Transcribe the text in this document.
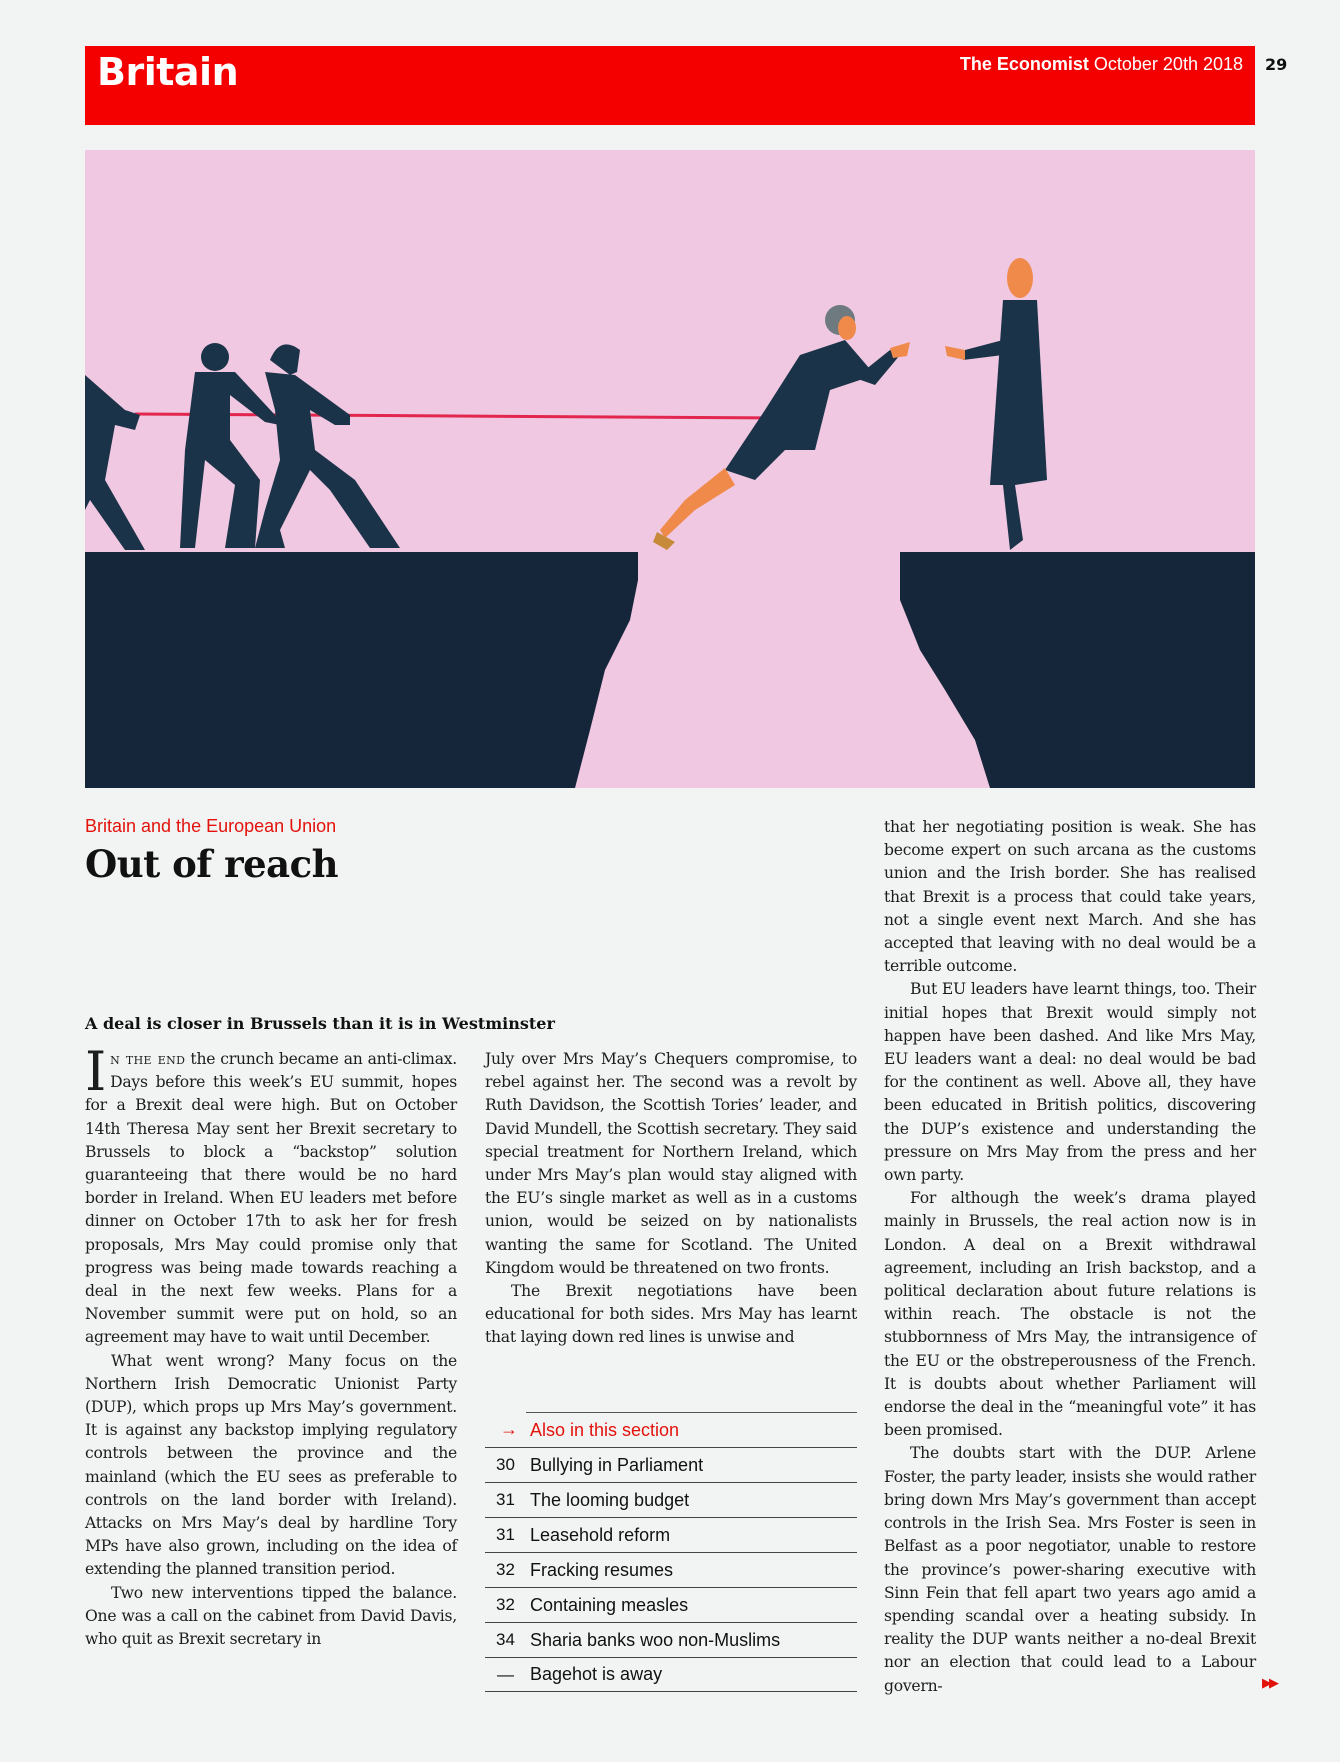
Britain	The Economist October 20th 2018 29
Britain and the European Union
Out of reach
A deal is closer in Brussels than it is in Westminster

In the end the crunch became an anti-climax. Days before this week’s EU summit, hopes for a Brexit deal were high. But on October 14th Theresa May sent her Brexit secretary to Brussels to block a “backstop” solution guaranteeing that there would be no hard border in Ireland. When EU leaders met before dinner on October 17th to ask her for fresh proposals, Mrs May could promise only that progress was being made towards reaching a deal in the next few weeks. Plans for a November summit were put on hold, so an agreement may have to wait until December.

What went wrong? Many focus on the Northern Irish Democratic Unionist Party (DUP), which props up Mrs May’s government. It is against any backstop implying regulatory controls between the province and the mainland (which the EU sees as preferable to controls on the land border with Ireland). Attacks on Mrs May’s deal by hardline Tory MPs have also grown, including on the idea of extending the planned transition period.

Two new interventions tipped the balance. One was a call on the cabinet from David Davis, who quit as Brexit secretary in

July over Mrs May’s Chequers compromise, to rebel against her. The second was a revolt by Ruth Davidson, the Scottish Tories’ leader, and David Mundell, the Scottish secretary. They said special treatment for Northern Ireland, which under Mrs May’s plan would stay aligned with the EU’s single market as well as in a customs union, would be seized on by nationalists wanting the same for Scotland. The United Kingdom would be threatened on two fronts.

The Brexit negotiations have been educational for both sides. Mrs May has learnt that laying down red lines is unwise and

→ Also in this section
30 Bullying in Parliament
31 The looming budget
31 Leasehold reform
32 Fracking resumes
32 Containing measles
34 Sharia banks woo non-Muslims
— Bagehot is away

that her negotiating position is weak. She has become expert on such arcana as the customs union and the Irish border. She has realised that Brexit is a process that could take years, not a single event next March. And she has accepted that leaving with no deal would be a terrible outcome.

But EU leaders have learnt things, too. Their initial hopes that Brexit would simply not happen have been dashed. And like Mrs May, EU leaders want a deal: no deal would be bad for the continent as well. Above all, they have been educated in British politics, discovering the DUP’s existence and understanding the pressure on Mrs May from the press and her own party.

For although the week’s drama played mainly in Brussels, the real action now is in London. A deal on a Brexit withdrawal agreement, including an Irish backstop, and a political declaration about future relations is within reach. The obstacle is not the stubbornness of Mrs May, the intransigence of the EU or the obstreperousness of the French. It is doubts about whether Parliament will endorse the deal in the “meaningful vote” it has been promised.

The doubts start with the DUP. Arlene Foster, the party leader, insists she would rather bring down Mrs May’s government than accept controls in the Irish Sea. Mrs Foster is seen in Belfast as a poor negotiator, unable to restore the province’s power-sharing executive with Sinn Fein that fell apart two years ago amid a spending scandal over a heating subsidy. In reality the DUP wants neither a no-deal Brexit nor an election that could lead to a Labour govern-	▶▶
